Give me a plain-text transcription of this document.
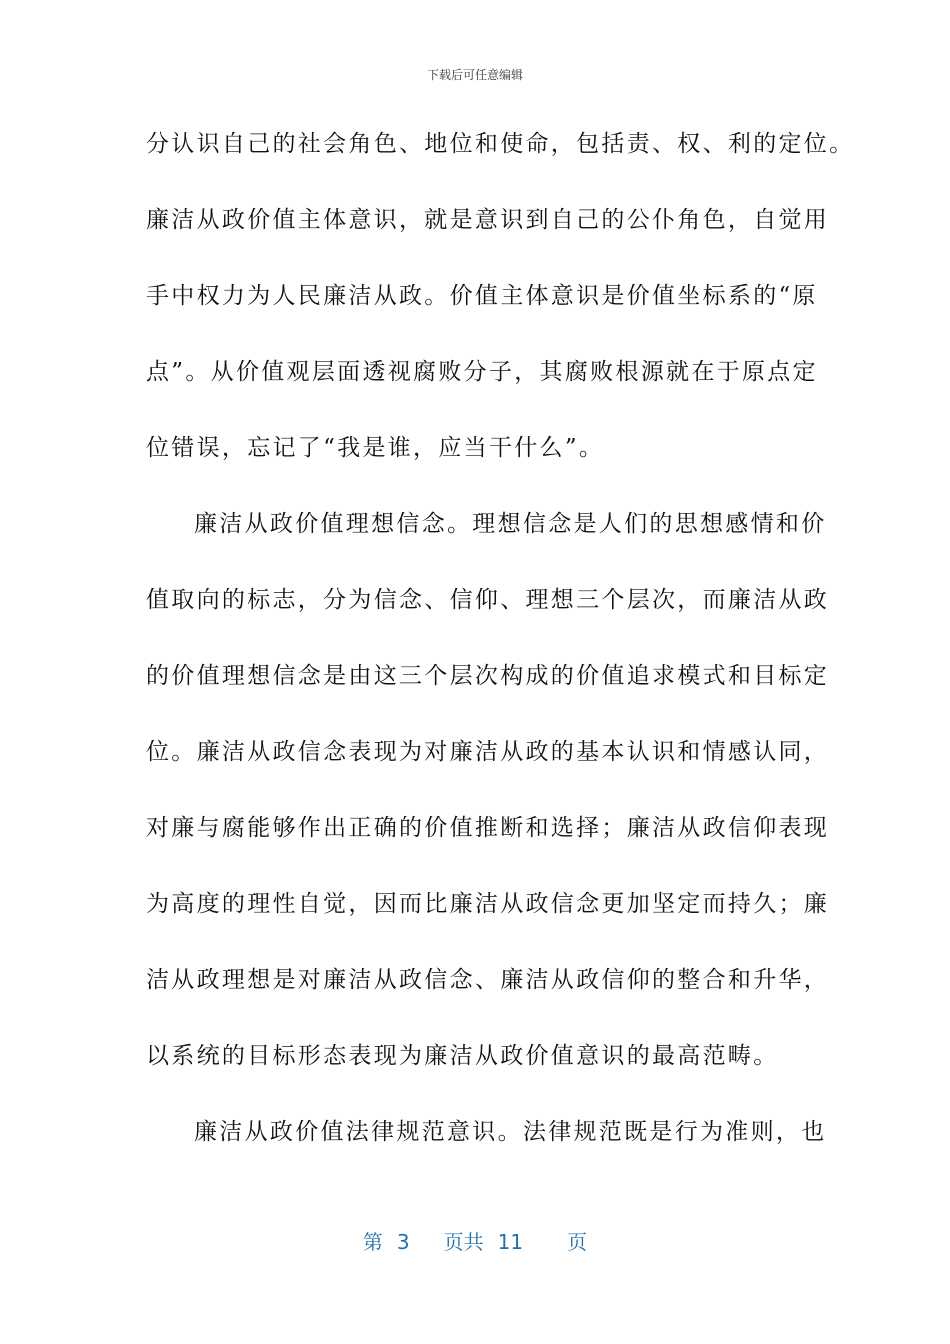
下载后可任意编辑
分认识自己的社会角色、地位和使命，包括责、权、利的定位。
廉洁从政价值主体意识，就是意识到自己的公仆角色，自觉用
手中权力为人民廉洁从政。价值主体意识是价值坐标系的“原
点”。从价值观层面透视腐败分子，其腐败根源就在于原点定
位错误，忘记了“我是谁，应当干什么”。
廉洁从政价值理想信念。理想信念是人们的思想感情和价
值取向的标志，分为信念、信仰、理想三个层次，而廉洁从政
的价值理想信念是由这三个层次构成的价值追求模式和目标定
位。廉洁从政信念表现为对廉洁从政的基本认识和情感认同，
对廉与腐能够作出正确的价值推断和选择；廉洁从政信仰表现
为高度的理性自觉，因而比廉洁从政信念更加坚定而持久；廉
洁从政理想是对廉洁从政信念、廉洁从政信仰的整合和升华，
以系统的目标形态表现为廉洁从政价值意识的最高范畴。
廉洁从政价值法律规范意识。法律规范既是行为准则，也
第 3 页共 11 页
